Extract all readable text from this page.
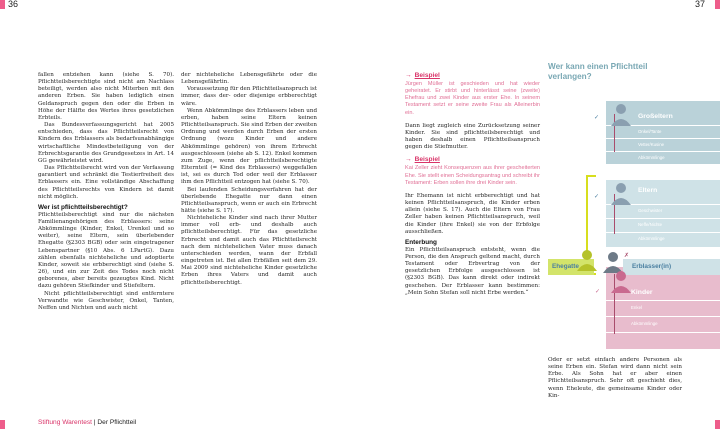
36	37

fallen entziehen kann (siehe S. 70). Pflichtteilsberechtigte sind nicht am Nachlass beteiligt, werden also nicht Miterben mit den anderen Erben. Sie haben lediglich einen Geldanspruch gegen den oder die Erben in Höhe der Hälfte des Wertes ihres gesetzlichen Erbteils.

Das Bundesverfassungsgericht hat 2005 entschieden, dass das Pflichtteilsrecht von Kindern des Erblassers als bedarfsunabhängige wirtschaftliche Mindestbeteiligung von der Erbrechtsgarantie des Grundgesetzes in Art. 14 GG gewährleistet wird.

Das Pflichtteilsrecht wird von der Verfassung garantiert und schränkt die Testierfreiheit des Erblassers ein. Eine vollständige Abschaffung des Pflichtteilsrechts von Kindern ist damit nicht möglich.

Wer ist pflichtteilsberechtigt?

Pflichtteilsberechtigt sind nur die nächsten Familienangehörigen des Erblassers: seine Abkömmlinge (Kinder, Enkel, Urenkel und so weiter), seine Eltern, sein überlebender Ehegatte (§2303 BGB) oder sein eingetragener Lebenspartner (§10 Abs. 6 LPartG). Dazu zählen ebenfalls nichteheliche und adoptierte Kinder, soweit sie erbberechtigt sind (siehe S. 26), und ein zur Zeit des Todes noch nicht geborenes, aber bereits gezeugtes Kind. Nicht dazu gehören Stiefkinder und Stiefeltern.

Nicht pflichtteilsberechtigt sind entferntere Verwandte wie Geschwister, Onkel, Tanten, Neffen und Nichten und auch nicht

der nichteheliche Lebensgefährte oder die Lebensgefährtin.

Voraussetzung für den Pflichtteilsanspruch ist immer, dass der- oder diejenige erbberechtigt wäre.

Wenn Abkömmlinge des Erblassers leben und erben, haben seine Eltern keinen Pflichtteilsanspruch. Sie sind Erben der zweiten Ordnung und werden durch Erben der ersten Ordnung (wozu Kinder und andere Abkömmlinge gehören) von ihrem Erbrecht ausgeschlossen (siehe ab S. 12). Enkel kommen zum Zuge, wenn der pflichtteilsberechtigte Elternteil (= Kind des Erblassers) weggefallen ist, sei es durch Tod oder weil der Erblasser ihm den Pflichtteil entzogen hat (siehe S. 70).

Bei laufenden Scheidungsverfahren hat der überlebende Ehegatte nur dann einen Pflichtteilsanspruch, wenn er auch ein Erbrecht hätte (siehe S. 17).

Nichteheliche Kinder sind nach ihrer Mutter immer voll erb- und deshalb auch pflichtteilsberechtigt. Für das gesetzliche Erbrecht und damit auch das Pflichtteilsrecht nach dem nichtehelichen Vater muss danach unterschieden werden, wann der Erbfall eingetreten ist. Bei allen Erbfällen seit dem 29. Mai 2009 sind nichteheliche Kinder gesetzliche Erben ihres Vaters und damit auch pflichtteilsberechtigt.

→ Beispiel
Jürgen Müller ist geschieden und hat wieder geheiratet. Er stirbt und hinterlässt seine (zweite) Ehefrau und zwei Kinder aus erster Ehe. In seinem Testament setzt er seine zweite Frau als Alleinerbin ein.

Dann liegt zugleich eine Zurücksetzung seiner Kinder. Sie sind pflichtteilsberechtigt und haben deshalb einen Pflichtteilsanspruch gegen die Stiefmutter.

→ Beispiel
Kai Zeller zieht Konsequenzen aus ihrer gescheiterten Ehe. Sie stellt einen Scheidungsantrag und schreibt ihr Testament: Erben sollen ihre drei Kinder sein.

Ihr Ehemann ist nicht erbberechtigt und hat keinen Pflichtteilsanspruch, die Kinder erben allein (siehe S. 17). Auch die Eltern von Frau Zeller haben keinen Pflichtteilsanspruch, weil die Kinder (ihre Enkel) sie von der Erbfolge ausschließen.

Enterbung

Ein Pflichtteilsanspruch entsteht, wenn die Person, die den Anspruch geltend macht, durch Testament oder Erbvertrag von der gesetzlichen Erbfolge ausgeschlossen ist (§2303 BGB). Das kann direkt oder indirekt geschehen. Der Erblasser kann bestimmen: „Mein Sohn Stefan soll nicht Erbe werden.“

Oder er setzt einfach andere Personen als seine Erben ein. Stefan wird dann nicht sein Erbe. Als Sohn hat er aber einen Pflichtteilsanspruch. Sehr oft geschieht dies, wenn Eheleute, die gemeinsame Kinder oder Kin-

Wer kann einen Pflichtteil verlangen?
✓
✓
✓
✗
Großeltern
Onkel/Tante
Vetter/Kusine
Abkömmlinge
Eltern
Geschwister
Neffe/Nichte
Abkömmlinge
Ehegatte	Erblasser(in)
Kinder
Enkel
Abkömmlinge
Stiftung Warentest | Der Pflichtteil
